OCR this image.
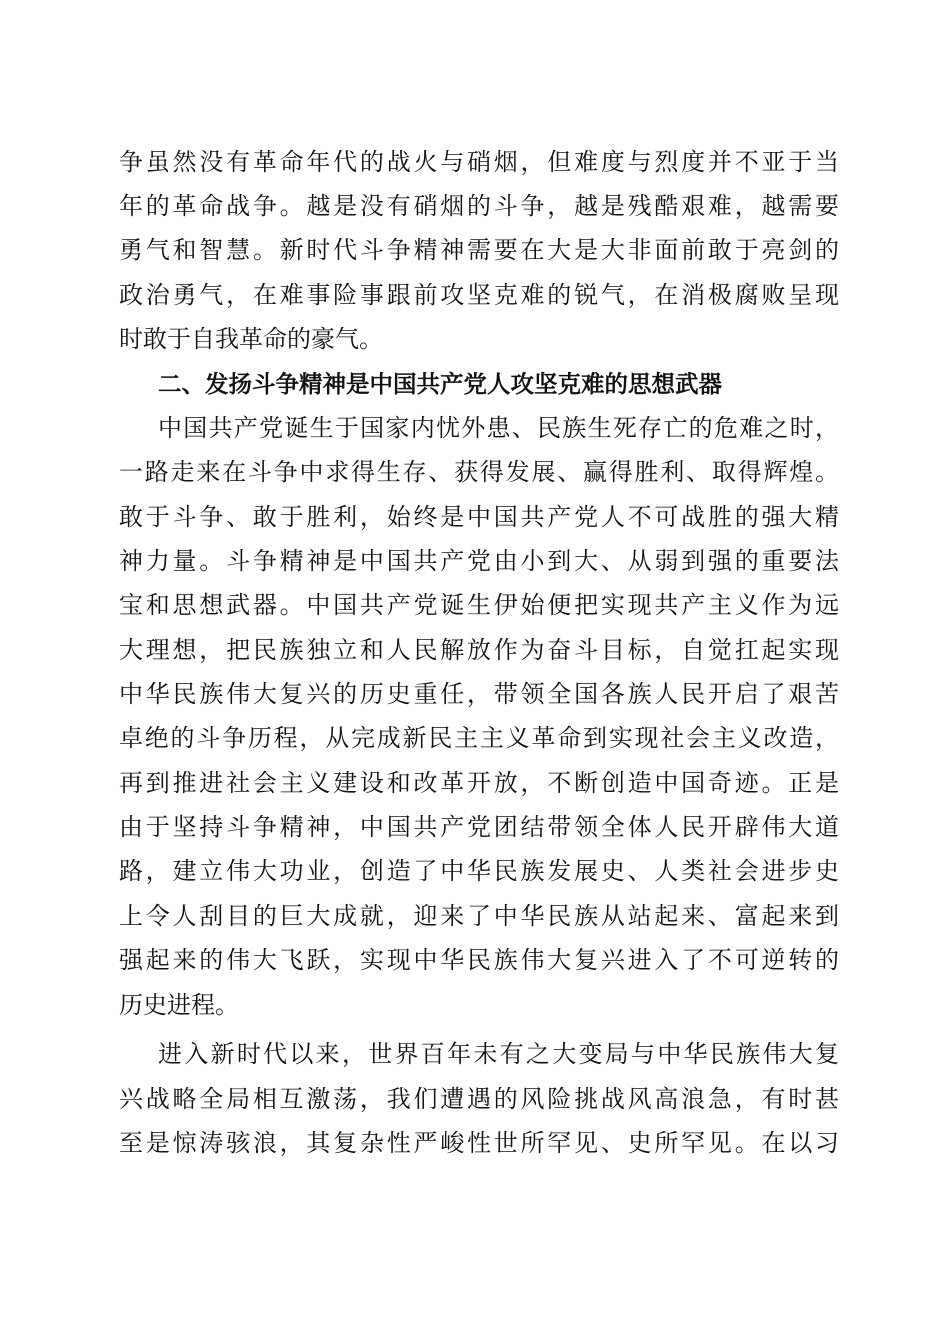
争虽然没有革命年代的战火与硝烟，但难度与烈度并不亚于当
年的革命战争。越是没有硝烟的斗争，越是残酷艰难，越需要
勇气和智慧。新时代斗争精神需要在大是大非面前敢于亮剑的
政治勇气，在难事险事跟前攻坚克难的锐气，在消极腐败呈现
时敢于自我革命的豪气。
二、发扬斗争精神是中国共产党人攻坚克难的思想武器
中国共产党诞生于国家内忧外患、民族生死存亡的危难之时，
一路走来在斗争中求得生存、获得发展、赢得胜利、取得辉煌。
敢于斗争、敢于胜利，始终是中国共产党人不可战胜的强大精
神力量。斗争精神是中国共产党由小到大、从弱到强的重要法
宝和思想武器。中国共产党诞生伊始便把实现共产主义作为远
大理想，把民族独立和人民解放作为奋斗目标，自觉扛起实现
中华民族伟大复兴的历史重任，带领全国各族人民开启了艰苦
卓绝的斗争历程，从完成新民主主义革命到实现社会主义改造，
再到推进社会主义建设和改革开放，不断创造中国奇迹。正是
由于坚持斗争精神，中国共产党团结带领全体人民开辟伟大道
路，建立伟大功业，创造了中华民族发展史、人类社会进步史
上令人刮目的巨大成就，迎来了中华民族从站起来、富起来到
强起来的伟大飞跃，实现中华民族伟大复兴进入了不可逆转的
历史进程。
进入新时代以来，世界百年未有之大变局与中华民族伟大复
兴战略全局相互激荡，我们遭遇的风险挑战风高浪急，有时甚
至是惊涛骇浪，其复杂性严峻性世所罕见、史所罕见。在以习
